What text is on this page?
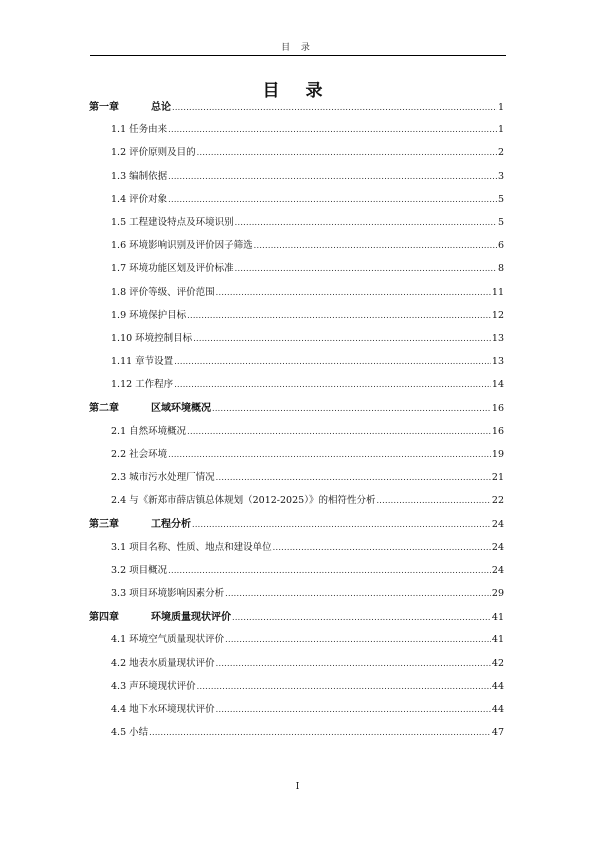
目 录
目 录
第一章	总论 .....	1
1.1 任务由来 .....	1
1.2 评价原则及目的 .....	2
1.3 编制依据 .....	3
1.4 评价对象 .....	5
1.5 工程建设特点及环境识别 .....	5
1.6 环境影响识别及评价因子筛选 .....	6
1.7 环境功能区划及评价标准 .....	8
1.8 评价等级、评价范围 .....	11
1.9 环境保护目标 .....	12
1.10 环境控制目标 .....	13
1.11 章节设置 .....	13
1.12 工作程序 .....	14
第二章	区域环境概况 .....	16
2.1 自然环境概况 .....	16
2.2 社会环境 .....	19
2.3 城市污水处理厂情况 .....	21
2.4 与《新郑市薛店镇总体规划（2012-2025）》的相符性分析 .....	22
第三章	工程分析 .....	24
3.1 项目名称、性质、地点和建设单位 .....	24
3.2 项目概况 .....	24
3.3 项目环境影响因素分析 .....	29
第四章	环境质量现状评价 .....	41
4.1 环境空气质量现状评价 .....	41
4.2 地表水质量现状评价 .....	42
4.3 声环境现状评价 .....	44
4.4 地下水环境现状评价 .....	44
4.5 小结 .....	47
I
